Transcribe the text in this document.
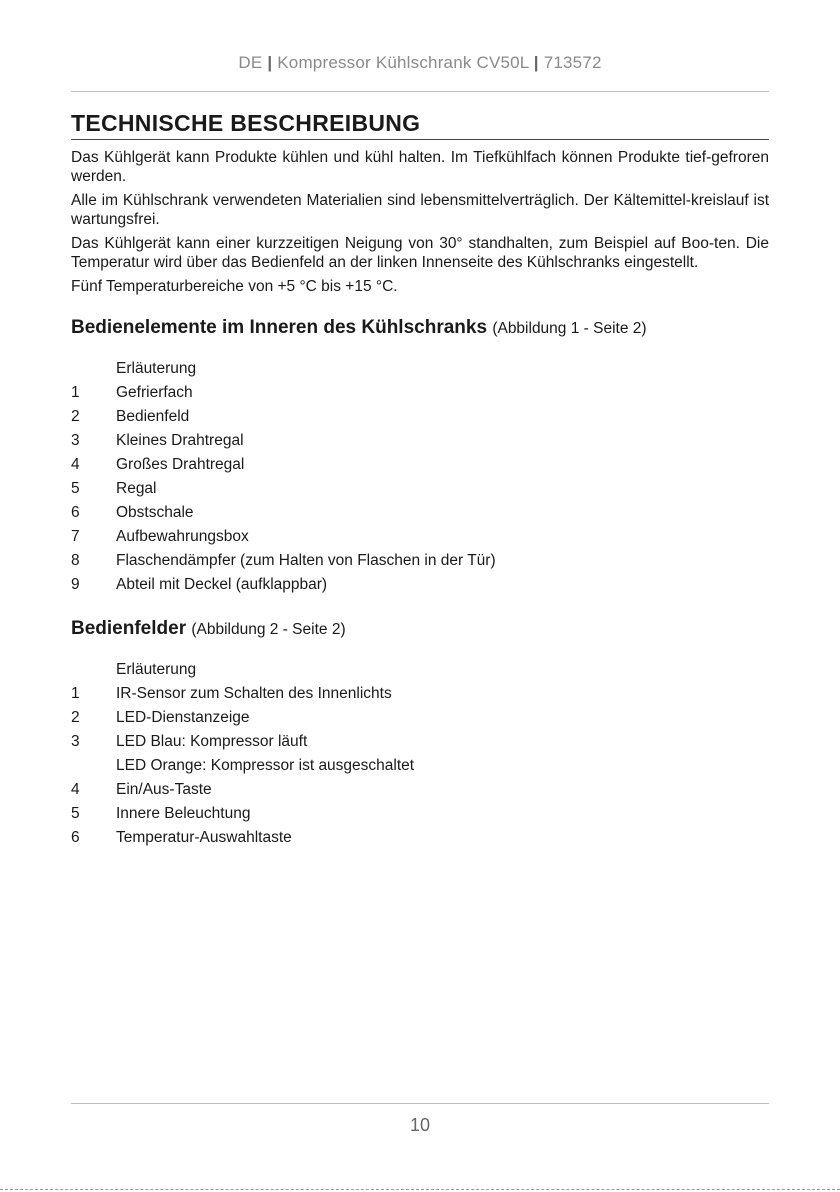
DE | Kompressor Kühlschrank CV50L | 713572
TECHNISCHE BESCHREIBUNG

Das Kühlgerät kann Produkte kühlen und kühl halten. Im Tiefkühlfach können Produkte tief-gefroren werden.

Alle im Kühlschrank verwendeten Materialien sind lebensmittelverträglich. Der Kältemittel-kreislauf ist wartungsfrei.

Das Kühlgerät kann einer kurzzeitigen Neigung von 30° standhalten, zum Beispiel auf Boo-ten. Die Temperatur wird über das Bedienfeld an der linken Innenseite des Kühlschranks eingestellt.

Fünf Temperaturbereiche von +5 °C bis +15 °C.

Bedienelemente im Inneren des Kühlschranks (Abbildung 1 - Seite 2)
Erläuterung
1	Gefrierfach
2	Bedienfeld
3	Kleines Drahtregal
4	Großes Drahtregal
5	Regal
6	Obstschale
7	Aufbewahrungsbox
8	Flaschendämpfer (zum Halten von Flaschen in der Tür)
9	Abteil mit Deckel (aufklappbar)
Bedienfelder (Abbildung 2 - Seite 2)
Erläuterung
1	IR-Sensor zum Schalten des Innenlichts
2	LED-Dienstanzeige
3	LED Blau: Kompressor läuft
LED Orange: Kompressor ist ausgeschaltet
4	Ein/Aus-Taste
5	Innere Beleuchtung
6	Temperatur-Auswahltaste
10
